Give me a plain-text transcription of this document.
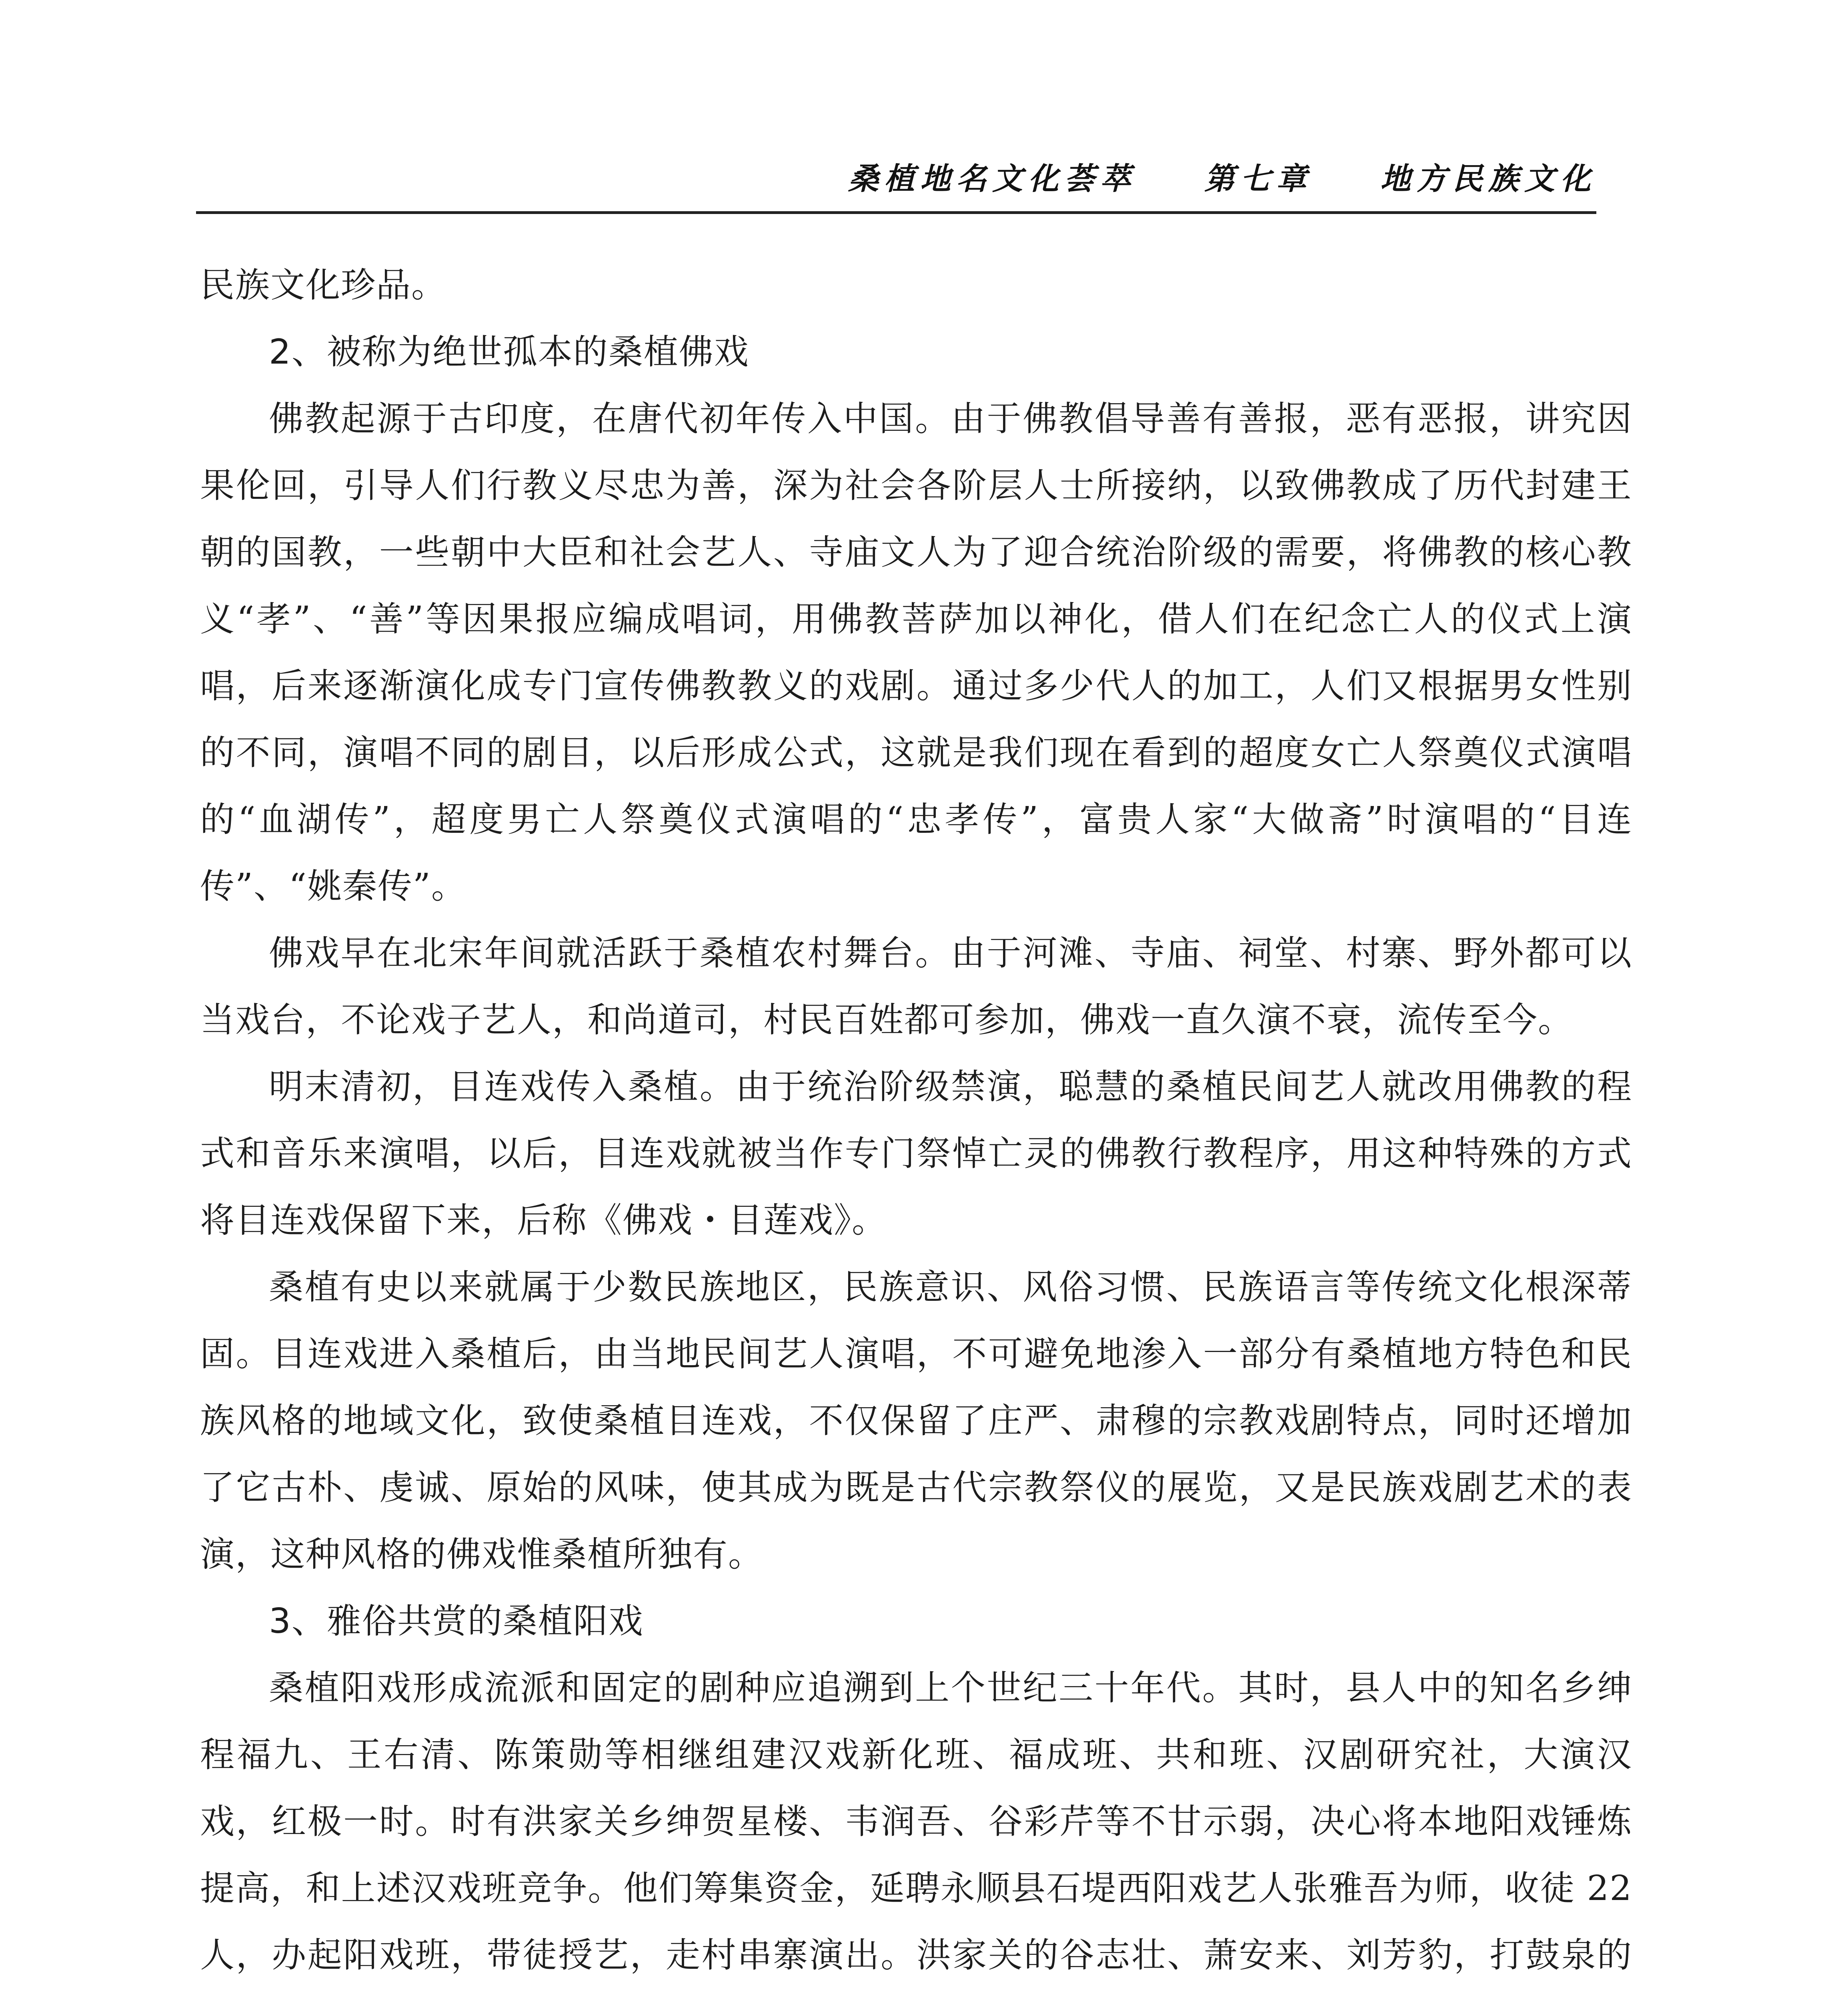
桑植地名文化荟萃 第七章 地方民族文化

民族文化珍品。

2、被称为绝世孤本的桑植佛戏

佛教起源于古印度，在唐代初年传入中国。由于佛教倡导善有善报，恶有恶报，讲究因果伦回，引导人们行教义尽忠为善，深为社会各阶层人士所接纳，以致佛教成了历代封建王朝的国教，一些朝中大臣和社会艺人、寺庙文人为了迎合统治阶级的需要，将佛教的核心教义“孝”、“善”等因果报应编成唱词，用佛教菩萨加以神化，借人们在纪念亡人的仪式上演唱，后来逐渐演化成专门宣传佛教教义的戏剧。通过多少代人的加工，人们又根据男女性别的不同，演唱不同的剧目，以后形成公式，这就是我们现在看到的超度女亡人祭奠仪式演唱的“血湖传”，超度男亡人祭奠仪式演唱的“忠孝传”，富贵人家“大做斋”时演唱的“目连传”、“姚秦传”。

佛戏早在北宋年间就活跃于桑植农村舞台。由于河滩、寺庙、祠堂、村寨、野外都可以当戏台，不论戏子艺人，和尚道司，村民百姓都可参加，佛戏一直久演不衰，流传至今。

明末清初，目连戏传入桑植。由于统治阶级禁演，聪慧的桑植民间艺人就改用佛教的程式和音乐来演唱，以后，目连戏就被当作专门祭悼亡灵的佛教行教程序，用这种特殊的方式将目连戏保留下来，后称《佛戏・目莲戏》。

桑植有史以来就属于少数民族地区，民族意识、风俗习惯、民族语言等传统文化根深蒂固。目连戏进入桑植后，由当地民间艺人演唱，不可避免地渗入一部分有桑植地方特色和民族风格的地域文化，致使桑植目连戏，不仅保留了庄严、肃穆的宗教戏剧特点，同时还增加了它古朴、虔诚、原始的风味，使其成为既是古代宗教祭仪的展览，又是民族戏剧艺术的表演，这种风格的佛戏惟桑植所独有。

3、雅俗共赏的桑植阳戏

桑植阳戏形成流派和固定的剧种应追溯到上个世纪三十年代。其时，县人中的知名乡绅程福九、王右清、陈策勋等相继组建汉戏新化班、福成班、共和班、汉剧研究社，大演汉戏，红极一时。时有洪家关乡绅贺星楼、韦润吾、谷彩芹等不甘示弱，决心将本地阳戏锤炼提高，和上述汉戏班竞争。他们筹集资金，延聘永顺县石堤西阳戏艺人张雅吾为师，收徒 22 人，办起阳戏班，带徒授艺，走村串寨演出。洪家关的谷志壮、萧安来、刘芳豹，打鼓泉的
